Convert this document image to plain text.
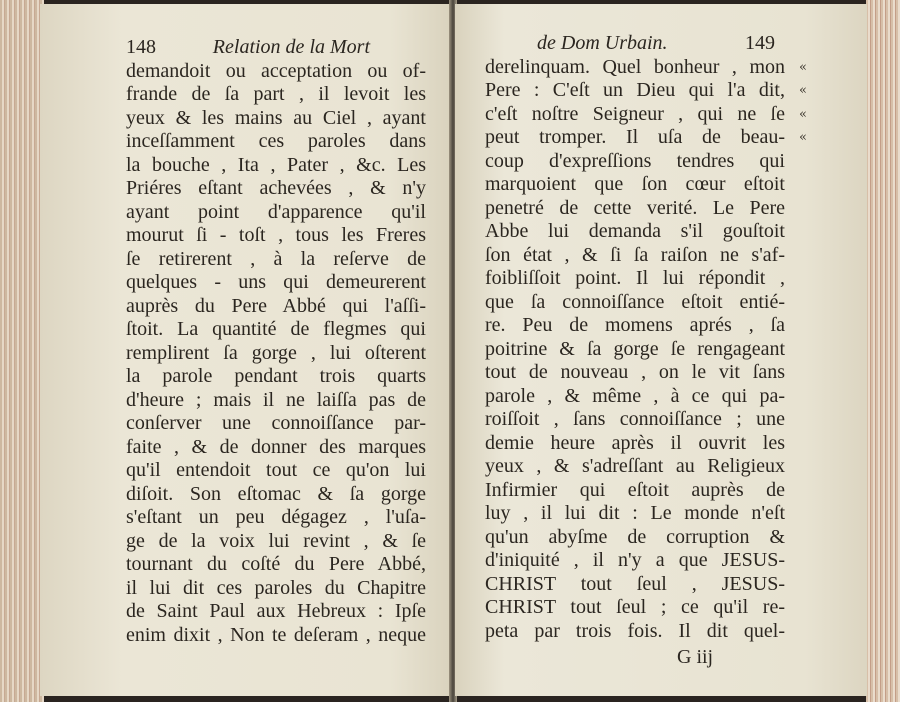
148	Relation de la Mort
demandoit ou acceptation ou of-
frande de ſa part , il levoit les
yeux & les mains au Ciel , ayant
inceſſamment ces paroles dans
la bouche , Ita , Pater , &c. Les
Priéres eſtant achevées , & n'y
ayant point d'apparence qu'il
mourut ſi - toſt , tous les Freres
ſe retirerent , à la reſerve de
quelques - uns qui demeurerent
auprès du Pere Abbé qui l'aſſi-
ſtoit. La quantité de flegmes qui
remplirent ſa gorge , lui oſterent
la parole pendant trois quarts
d'heure ; mais il ne laiſſa pas de
conſerver une connoiſſance par-
faite , & de donner des marques
qu'il entendoit tout ce qu'on lui
diſoit. Son eſtomac & ſa gorge
s'eſtant un peu dégagez , l'uſa-
ge de la voix lui revint , & ſe
tournant du coſté du Pere Abbé,
il lui dit ces paroles du Chapitre
de Saint Paul aux Hebreux : Ipſe
enim dixit , Non te deſeram , neque
de Dom Urbain.	149
derelinquam. Quel bonheur , mon
Pere : C'eſt un Dieu qui l'a dit,
c'eſt noſtre Seigneur , qui ne ſe
peut tromper. Il uſa de beau-
coup d'expreſſions tendres qui
marquoient que ſon cœur eſtoit
penetré de cette verité. Le Pere
Abbe lui demanda s'il gouſtoit
ſon état , & ſi ſa raiſon ne s'af-
foibliſſoit point. Il lui répondit ,
que ſa connoiſſance eſtoit entié-
re. Peu de momens aprés , ſa
poitrine & ſa gorge ſe rengageant
tout de nouveau , on le vit ſans
parole , & même , à ce qui pa-
roiſſoit , ſans connoiſſance ; une
demie heure après il ouvrit les
yeux , & s'adreſſant au Religieux
Infirmier qui eſtoit auprès de
luy , il lui dit : Le monde n'eſt
qu'un abyſme de corruption &
d'iniquité , il n'y a que JESUS-
CHRIST tout ſeul , JESUS-
CHRIST tout ſeul ; ce qu'il re-
peta par trois fois. Il dit quel-
«
«
«
«
G iij
